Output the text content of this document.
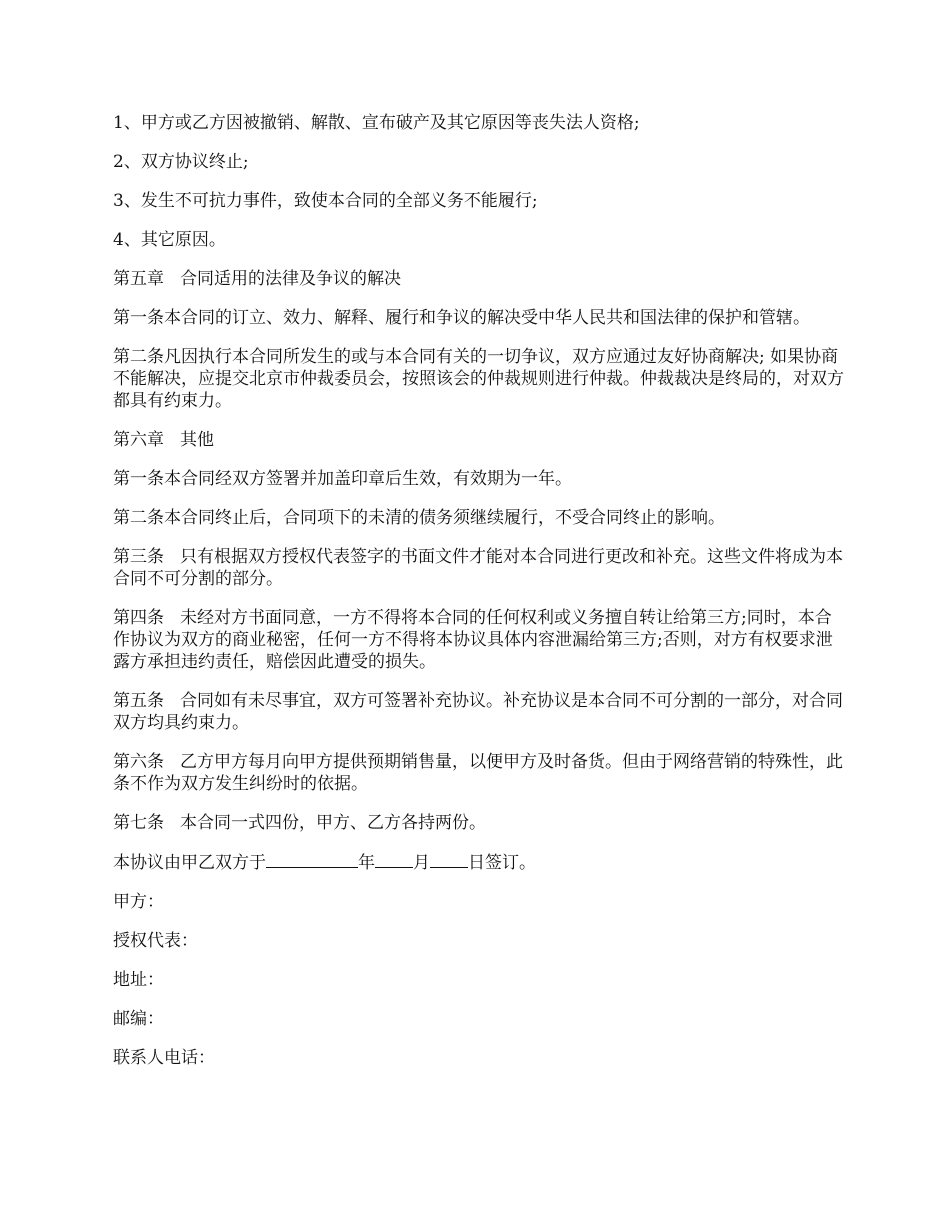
1、甲方或乙方因被撤销、解散、宣布破产及其它原因等丧失法人资格;

2、双方协议终止;

3、发生不可抗力事件，致使本合同的全部义务不能履行;

4、其它原因。

第五章 合同适用的法律及争议的解决

第一条本合同的订立、效力、解释、履行和争议的解决受中华人民共和国法律的保护和管辖。

第二条凡因执行本合同所发生的或与本合同有关的一切争议，双方应通过友好协商解决; 如果协商不能解决，应提交北京市仲裁委员会，按照该会的仲裁规则进行仲裁。仲裁裁决是终局的，对双方都具有约束力。

第六章 其他

第一条本合同经双方签署并加盖印章后生效，有效期为一年。

第二条本合同终止后，合同项下的未清的债务须继续履行，不受合同终止的影响。

第三条 只有根据双方授权代表签字的书面文件才能对本合同进行更改和补充。这些文件将成为本合同不可分割的部分。

第四条 未经对方书面同意，一方不得将本合同的任何权利或义务擅自转让给第三方;同时，本合作协议为双方的商业秘密，任何一方不得将本协议具体内容泄漏给第三方;否则，对方有权要求泄露方承担违约责任，赔偿因此遭受的损失。

第五条 合同如有未尽事宜，双方可签署补充协议。补充协议是本合同不可分割的一部分，对合同双方均具约束力。

第六条 乙方甲方每月向甲方提供预期销售量，以便甲方及时备货。但由于网络营销的特殊性，此条不作为双方发生纠纷时的依据。

第七条 本合同一式四份，甲方、乙方各持两份。

本协议由甲乙双方于	年 月 日签订。

甲方：

授权代表：

地址：

邮编：

联系人电话：
